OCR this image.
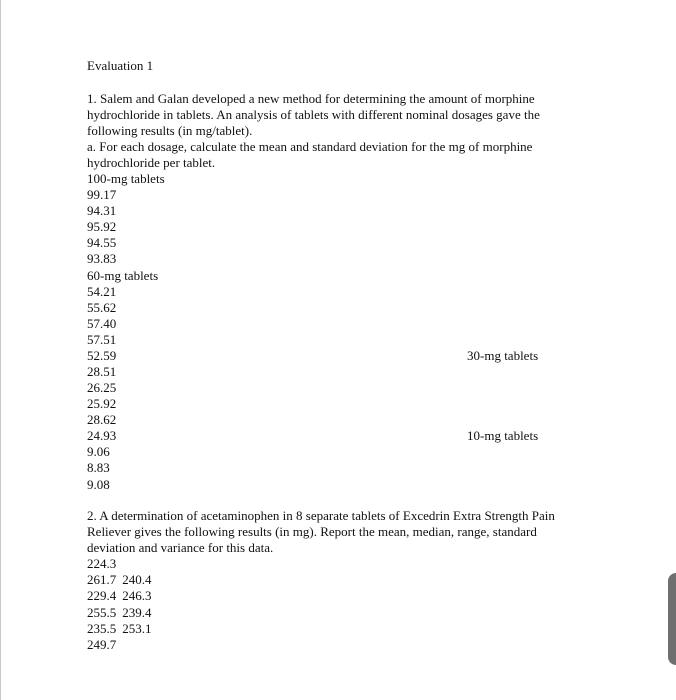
Evaluation 1
1. Salem and Galan developed a new method for determining the amount of morphine
hydrochloride in tablets. An analysis of tablets with different nominal dosages gave the
following results (in mg/tablet).
a. For each dosage, calculate the mean and standard deviation for the mg of morphine
hydrochloride per tablet.
100-mg tablets
99.17
94.31
95.92
94.55
93.83
60-mg tablets
54.21
55.62
57.40
57.51
52.59	30-mg tablets
28.51
26.25
25.92
28.62
24.93	10-mg tablets
9.06
8.83
9.08
2. A determination of acetaminophen in 8 separate tablets of Excedrin Extra Strength Pain
Reliever gives the following results (in mg). Report the mean, median, range, standard
deviation and variance for this data.
224.3
261.7 240.4
229.4 246.3
255.5 239.4
235.5 253.1
249.7
